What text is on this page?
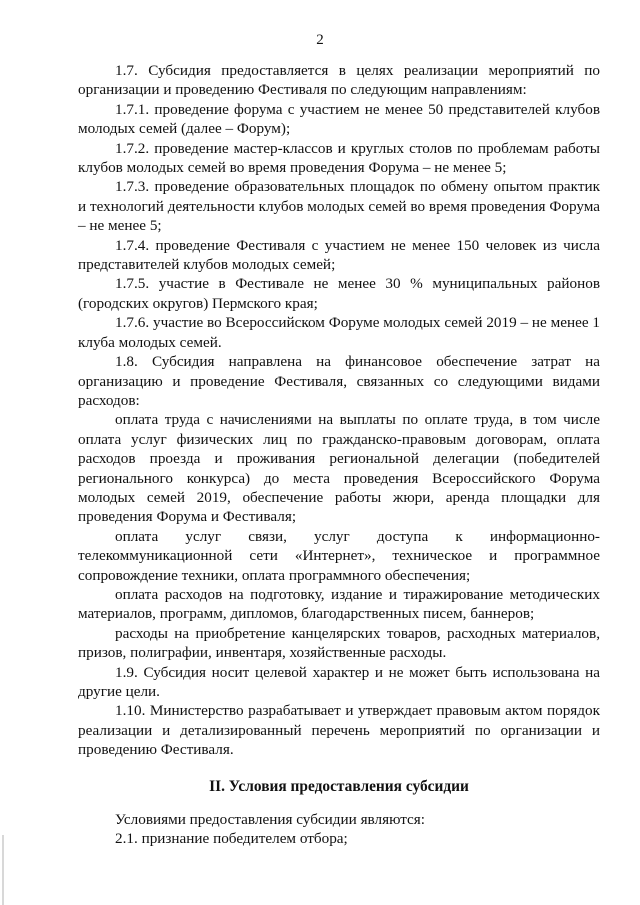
2

1.7. Субсидия предоставляется в целях реализации мероприятий по организации и проведению Фестиваля по следующим направлениям:

1.7.1. проведение форума с участием не менее 50 представителей клубов молодых семей (далее – Форум);

1.7.2. проведение мастер-классов и круглых столов по проблемам работы клубов молодых семей во время проведения Форума – не менее 5;

1.7.3. проведение образовательных площадок по обмену опытом практик и технологий деятельности клубов молодых семей во время проведения Форума – не менее 5;

1.7.4. проведение Фестиваля с участием не менее 150 человек из числа представителей клубов молодых семей;

1.7.5. участие в Фестивале не менее 30 % муниципальных районов (городских округов) Пермского края;

1.7.6. участие во Всероссийском Форуме молодых семей 2019 – не менее 1 клуба молодых семей.

1.8. Субсидия направлена на финансовое обеспечение затрат на организацию и проведение Фестиваля, связанных со следующими видами расходов:

оплата труда с начислениями на выплаты по оплате труда, в том числе оплата услуг физических лиц по гражданско-правовым договорам, оплата расходов проезда и проживания региональной делегации (победителей регионального конкурса) до места проведения Всероссийского Форума молодых семей 2019, обеспечение работы жюри, аренда площадки для проведения Форума и Фестиваля;

оплата услуг связи, услуг доступа к информационно-телекоммуникационной сети «Интернет», техническое и программное сопровождение техники, оплата программного обеспечения;

оплата расходов на подготовку, издание и тиражирование методических материалов, программ, дипломов, благодарственных писем, баннеров;

расходы на приобретение канцелярских товаров, расходных материалов, призов, полиграфии, инвентаря, хозяйственные расходы.

1.9. Субсидия носит целевой характер и не может быть использована на другие цели.

1.10. Министерство разрабатывает и утверждает правовым актом порядок реализации и детализированный перечень мероприятий по организации и проведению Фестиваля.

II. Условия предоставления субсидии

Условиями предоставления субсидии являются:

2.1. признание победителем отбора;
